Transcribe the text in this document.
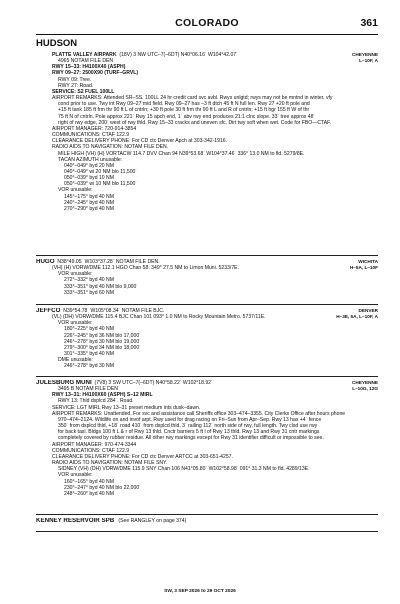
COLORADO	361
HUDSON
CHEYENNE
L–10F, A
PLATTE VALLEY AIRPARK (18V) 3 NW UTC–7(–6DT) N40°06.16´ W104°42.07´
4965 NOTAM FILE DEN
RWY 15–33: H4100X40 (ASPH)
RWY 09–27: 2500X90 (TURF–GRVL)
RWY 09: Tree.
RWY 27: Road.
SERVICE: S2 FUEL 100LL
AIRPORT REMARKS: Attended SR–SS. 100LL 24 hr credit card svc avbl. Rwys unlgtd; rwys may not be mntnd in winter, vfy
cond prior to use. Twy int Rwy 09–27 mid field. Rwy 09–27 has –3 ft dtch 45 ft N full len. Rwy 27 +20 ft pole and
+15 ft tank 185 ft frm thr 90 ft L of cntrln; +30 ft pole 30 ft frm thr 90 ft L and R of cntrln; +15 ft hgr 155 ft W of thr
75 ft N of cntrln. Pole approx 221´ Rwy 15 apch end, 1´ abv rwy end produces 21:1 clnc slope. 33´ tree approx 48´
right of rwy edge, 200´ west of rwy thld. Rwy 15–33 cracks and uneven sfc. Dirt twy soft when wet. Code for FBO—CTAF.
AIRPORT MANAGER: 720-914-3854
COMMUNICATIONS: CTAF 122.9
CLEARANCE DELIVERY PHONE: For CD ctc Denver Apch at 303-342-1916.
RADIO AIDS TO NAVIGATION: NOTAM FILE DEN.
MILE HIGH (VH) (H) VORTACW 114.7 DVV Chan 94 N39°53.68´ W104°37.46´ 336° 13.0 NM to fld. 5279/8E.
TACAN AZIMUTH unusable:
040°–049° byd 20 NM
040°–049° wi 20 NM blo 11,500´
050°–039° byd 10 NM
050°–039° wi 10 NM blo 11,500´
VOR unusable:
145°–175° byd 40 NM
240°–245° byd 40 NM
270°–290° byd 40 NM
WICHITA
H–5A, L–10F
HUGO N38°49.05´ W103°37.28´ NOTAM FILE DEN.
(VH) (H) VORW/DME 112.1 HGO Chan 58. 349° 27.5 NM to Limon Muni. 5233/7E.
VOR unusable:
272°–332° byd 40 NM
333°–351° byd 40 NM blo 9,000´
333°–351° byd 60 NM
DENVER
H–3E, 5A, L–10F, A
JEFFCO N39°54.78´ W105°08.34´ NOTAM FILE BJC.
(VL) (DH) VORW/DME 115.4 BJC Chan 101 093° 1.0 NM to Rocky Mountain Metro. 5737/11E.
VOR unusable:
180°–225° byd 40 NM
226°–245° byd 36 NM blo 17,000´
246°–278° byd 30 NM blo 19,000´
279°–300° byd 34 NM blo 18,000´
301°–335° byd 40 NM
DME unusable:
246°–278° byd 30 NM
CHEYENNE
L–10G, 12G
JULESBURG MUNI (7V8) 3 SW UTC–7(–6DT) N40°58.22´ W102°18.92´
3495 B NOTAM FILE DEN
RWY 13–31: H4100X60 (ASPH) S–12 MIRL
RWY 13: Thld dsplcd 284´. Road.
SERVICE: LGT MIRL Rwy 13–31 preset medium ints dusk–dawn.
AIRPORT REMARKS: Unattended. For svc and assistance call Sheriffs office 303–474–3355. City Clerks Office after hours phone
970–474–2124. Wildlife on and invof arpt. Rwy used for drag racing on Fri–Sun from Apr–Sep. Rwy 13 has +4´ fence
350´ from dsplcd thld, +18´ road 410´ from dsplcd thld. 3´ railing 112´ north side of rwy, full length. Twy clsd use rwy
for back taxi. Bldgs 100 ft L & r of Rwy 13 thld. Cnctr barriers 5 ft l of Rwy 13 thld. Rwy 13 and Rwy 31 cntr markings
completely covered by rubber residue. All other rwy markings except for Rwy 31 identifier difficult or impossible to see.
AIRPORT MANAGER: 970-474-3344
COMMUNICATIONS: CTAF 122.9
CLEARANCE DELIVERY PHONE: For CD ctc Denver ARTCC at 303-651-4257.
RADIO AIDS TO NAVIGATION: NOTAM FILE SNY.
SIDNEY (VH) (DH) VORW/DME 115.9 SNY Chan 106 N41°05.80´ W102°58.98´ 091° 31.3 NM to fld. 4289/13E.
VOR unusable:
160°–165° byd 40 NM
230°–247° byd 40 NM blo 22,000´
248°–260° byd 40 NM
KENNEY RESERVOIR SPB (See RANGLEY on page 374)
SW, 3 SEP 2026 to 29 OCT 2026
